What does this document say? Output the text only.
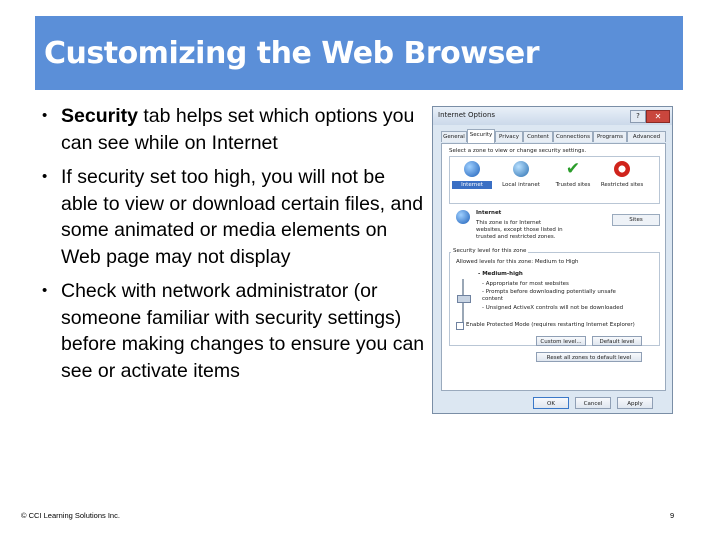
Customizing the Web Browser
• Security tab helps set which options you can see while on Internet
• If security set too high, you will not be able to view or download certain files, and some animated or media elements on Web page may not display
• Check with network administrator (or someone familiar with security settings) before making changes to ensure you can see or activate items
Internet Options	?	✕
General Security	Privacy	Content	Connections	Programs	Advanced
Select a zone to view or change security settings.
Internet	Local intranet
✔
Trusted sites	Restricted sites
Internet
This zone is for Internet websites, except those listed in trusted and restricted zones.
Sites
Security level for this zone
Allowed levels for this zone: Medium to High
- Medium-high
- Appropriate for most websites
- Prompts before downloading potentially unsafe content
- Unsigned ActiveX controls will not be downloaded
Enable Protected Mode (requires restarting Internet Explorer)
Custom level...	Default level
Reset all zones to default level
OK	Cancel	Apply
© CCI Learning Solutions Inc.	9
